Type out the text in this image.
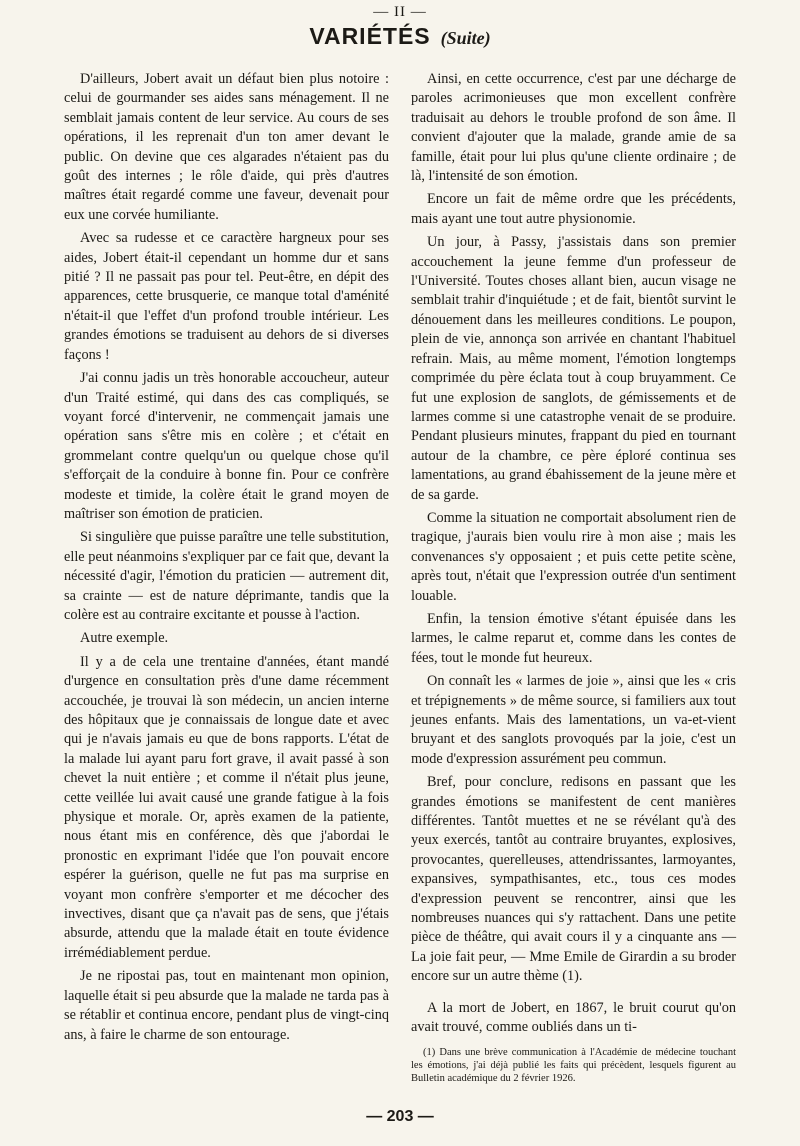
— II —
VARIÉTÉS (Suite)

D'ailleurs, Jobert avait un défaut bien plus notoire : celui de gourmander ses aides sans ménagement. Il ne semblait jamais content de leur service. Au cours de ses opérations, il les reprenait d'un ton amer devant le public. On devine que ces algarades n'étaient pas du goût des internes ; le rôle d'aide, qui près d'autres maîtres était regardé comme une faveur, devenait pour eux une corvée humiliante.

Avec sa rudesse et ce caractère hargneux pour ses aides, Jobert était-il cependant un homme dur et sans pitié ? Il ne passait pas pour tel. Peut-être, en dépit des apparences, cette brusquerie, ce manque total d'aménité n'était-il que l'effet d'un profond trouble intérieur. Les grandes émotions se traduisent au dehors de si diverses façons !

J'ai connu jadis un très honorable accoucheur, auteur d'un Traité estimé, qui dans des cas compliqués, se voyant forcé d'intervenir, ne commençait jamais une opération sans s'être mis en colère ; et c'était en grommelant contre quelqu'un ou quelque chose qu'il s'efforçait de la conduire à bonne fin. Pour ce confrère modeste et timide, la colère était le grand moyen de maîtriser son émotion de praticien.

Si singulière que puisse paraître une telle substitution, elle peut néanmoins s'expliquer par ce fait que, devant la nécessité d'agir, l'émotion du praticien — autrement dit, sa crainte — est de nature déprimante, tandis que la colère est au contraire excitante et pousse à l'action.

Autre exemple.

Il y a de cela une trentaine d'années, étant mandé d'urgence en consultation près d'une dame récemment accouchée, je trouvai là son médecin, un ancien interne des hôpitaux que je connaissais de longue date et avec qui je n'avais jamais eu que de bons rapports. L'état de la malade lui ayant paru fort grave, il avait passé à son chevet la nuit entière ; et comme il n'était plus jeune, cette veillée lui avait causé une grande fatigue à la fois physique et morale. Or, après examen de la patiente, nous étant mis en conférence, dès que j'abordai le pronostic en exprimant l'idée que l'on pouvait encore espérer la guérison, quelle ne fut pas ma surprise en voyant mon confrère s'emporter et me décocher des invectives, disant que ça n'avait pas de sens, que j'étais absurde, attendu que la malade était en toute évidence irrémédiablement perdue.

Je ne ripostai pas, tout en maintenant mon opinion, laquelle était si peu absurde que la malade ne tarda pas à se rétablir et continua encore, pendant plus de vingt-cinq ans, à faire le charme de son entourage.

Ainsi, en cette occurrence, c'est par une décharge de paroles acrimonieuses que mon excellent confrère traduisait au dehors le trouble profond de son âme. Il convient d'ajouter que la malade, grande amie de sa famille, était pour lui plus qu'une cliente ordinaire ; de là, l'intensité de son émotion.

Encore un fait de même ordre que les précédents, mais ayant une tout autre physionomie.

Un jour, à Passy, j'assistais dans son premier accouchement la jeune femme d'un professeur de l'Université. Toutes choses allant bien, aucun visage ne semblait trahir d'inquiétude ; et de fait, bientôt survint le dénouement dans les meilleures conditions. Le poupon, plein de vie, annonça son arrivée en chantant l'habituel refrain. Mais, au même moment, l'émotion longtemps comprimée du père éclata tout à coup bruyamment. Ce fut une explosion de sanglots, de gémissements et de larmes comme si une catastrophe venait de se produire. Pendant plusieurs minutes, frappant du pied en tournant autour de la chambre, ce père éploré continua ses lamentations, au grand ébahissement de la jeune mère et de sa garde.

Comme la situation ne comportait absolument rien de tragique, j'aurais bien voulu rire à mon aise ; mais les convenances s'y opposaient ; et puis cette petite scène, après tout, n'était que l'expression outrée d'un sentiment louable.

Enfin, la tension émotive s'étant épuisée dans les larmes, le calme reparut et, comme dans les contes de fées, tout le monde fut heureux.

On connaît les « larmes de joie », ainsi que les « cris et trépignements » de même source, si familiers aux tout jeunes enfants. Mais des lamentations, un va-et-vient bruyant et des sanglots provoqués par la joie, c'est un mode d'expression assurément peu commun.

Bref, pour conclure, redisons en passant que les grandes émotions se manifestent de cent manières différentes. Tantôt muettes et ne se révélant qu'à des yeux exercés, tantôt au contraire bruyantes, explosives, provocantes, querelleuses, attendrissantes, larmoyantes, expansives, sympathisantes, etc., tous ces modes d'expression peuvent se rencontrer, ainsi que les nombreuses nuances qui s'y rattachent. Dans une petite pièce de théâtre, qui avait cours il y a cinquante ans — La joie fait peur, — Mme Emile de Girardin a su broder encore sur un autre thème (1).

A la mort de Jobert, en 1867, le bruit courut qu'on avait trouvé, comme oubliés dans un ti-

(1) Dans une brève communication à l'Académie de médecine touchant les émotions, j'ai déjà publié les faits qui précèdent, lesquels figurent au Bulletin académique du 2 février 1926.
— 203 —
